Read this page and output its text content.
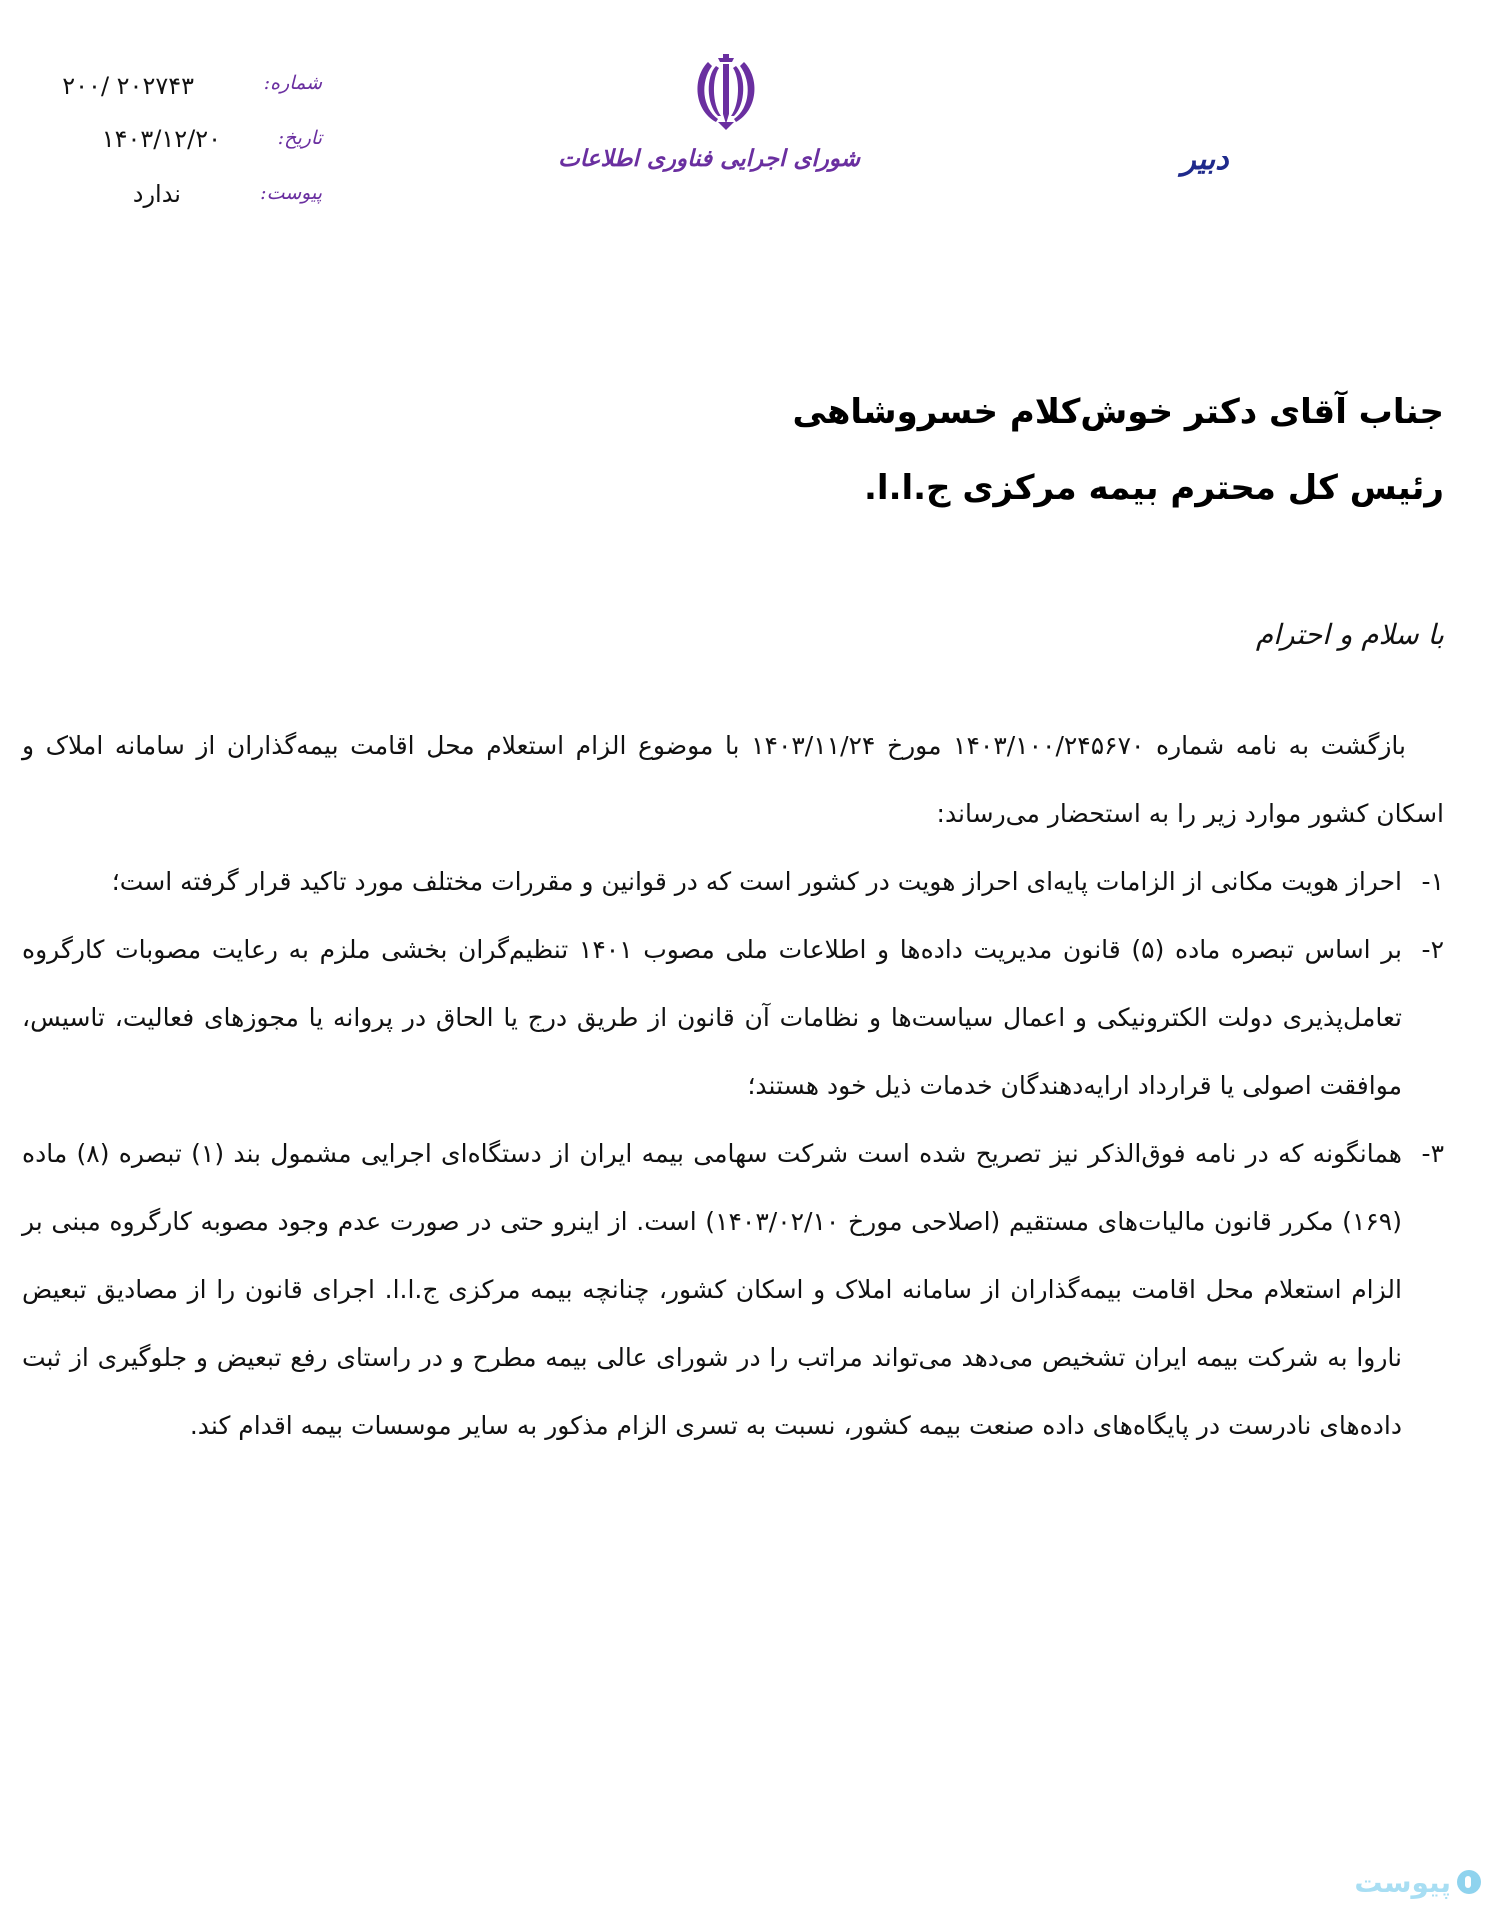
شماره:
۲۰۲۷۴۳ /۲۰۰
تاریخ:
۱۴۰۳/۱۲/۲۰
پیوست:
ندارد
شورای اجرایی فناوری اطلاعات	دبیر
جناب آقای دکتر خوش‌کلام خسروشاهی
رئیس کل محترم بیمه مرکزی ج.ا.ا.
با سلام و احترام

بازگشت به نامه شماره ۱۴۰۳/۱۰۰/۲۴۵۶۷۰ مورخ ۱۴۰۳/۱۱/۲۴ با موضوع الزام استعلام محل اقامت بیمه‌گذاران از سامانه املاک و اسکان کشور موارد زیر را به استحضار می‌رساند:

۱-
احراز هویت مکانی از الزامات پایه‌ای احراز هویت در کشور است که در قوانین و مقررات مختلف مورد تاکید قرار گرفته است؛
۲-
بر اساس تبصره ماده (۵) قانون مدیریت داده‌ها و اطلاعات ملی مصوب ۱۴۰۱ تنظیم‌گران بخشی ملزم به رعایت مصوبات کارگروه تعامل‌پذیری دولت الکترونیکی و اعمال سیاست‌ها و نظامات آن قانون از طریق درج یا الحاق در پروانه یا مجوزهای فعالیت، تاسیس، موافقت اصولی یا قرارداد ارایه‌دهندگان خدمات ذیل خود هستند؛
۳-
همانگونه که در نامه فوق‌الذکر نیز تصریح شده است شرکت سهامی بیمه ایران از دستگاه‌ای اجرایی مشمول بند (۱) تبصره (۸) ماده (۱۶۹) مکرر قانون مالیات‌های مستقیم (اصلاحی مورخ ۱۴۰۳/۰۲/۱۰) است. از اینرو حتی در صورت عدم وجود مصوبه کارگروه مبنی بر الزام استعلام محل اقامت بیمه‌گذاران از سامانه املاک و اسکان کشور، چنانچه بیمه مرکزی ج.ا.ا. اجرای قانون را از مصادیق تبعیض ناروا به شرکت بیمه ایران تشخیص می‌دهد می‌تواند مراتب را در شورای عالی بیمه مطرح و در راستای رفع تبعیض و جلوگیری از ثبت داده‌های نادرست در پایگاه‌های داده صنعت بیمه کشور، نسبت به تسری الزام مذکور به سایر موسسات بیمه اقدام کند.
پیوست
